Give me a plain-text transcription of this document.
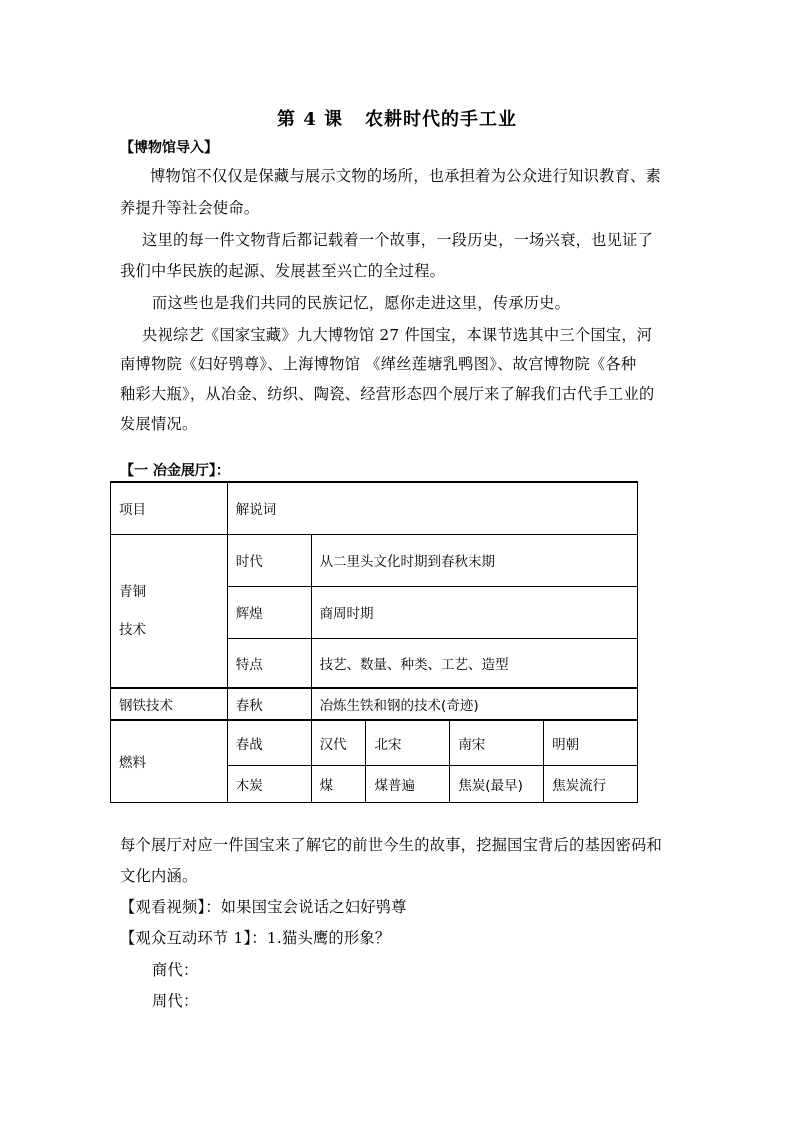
第 4 课 农耕时代的手工业
【博物馆导入】
博物馆不仅仅是保藏与展示文物的场所，也承担着为公众进行知识教育、素
养提升等社会使命。
这里的每一件文物背后都记载着一个故事，一段历史，一场兴衰，也见证了
我们中华民族的起源、发展甚至兴亡的全过程。
而这些也是我们共同的民族记忆，愿你走进这里，传承历史。
央视综艺《国家宝藏》九大博物馆 27 件国宝，本课节选其中三个国宝，河
南博物院《妇好鸮尊》、上海博物馆 《缂丝莲塘乳鸭图》、故宫博物院《各种
釉彩大瓶》，从冶金、纺织、陶瓷、经营形态四个展厅来了解我们古代手工业的
发展情况。
【一 冶金展厅】：
项目	解说词				

青铜
技术	时代	从二里头文化时期到春秋末期			
	辉煌	商周时期			
	特点	技艺、数量、种类、工艺、造型			
钢铁技术	春秋	冶炼生铁和钢的技术(奇迹)			
燃料	春战	汉代	北宋	南宋	明朝
	木炭	煤	煤普遍	焦炭(最早)	焦炭流行
每个展厅对应一件国宝来了解它的前世今生的故事，挖掘国宝背后的基因密码和
文化内涵。
【观看视频】：如果国宝会说话之妇好鸮尊
【观众互动环节 1】：1.猫头鹰的形象？
商代：
周代：
